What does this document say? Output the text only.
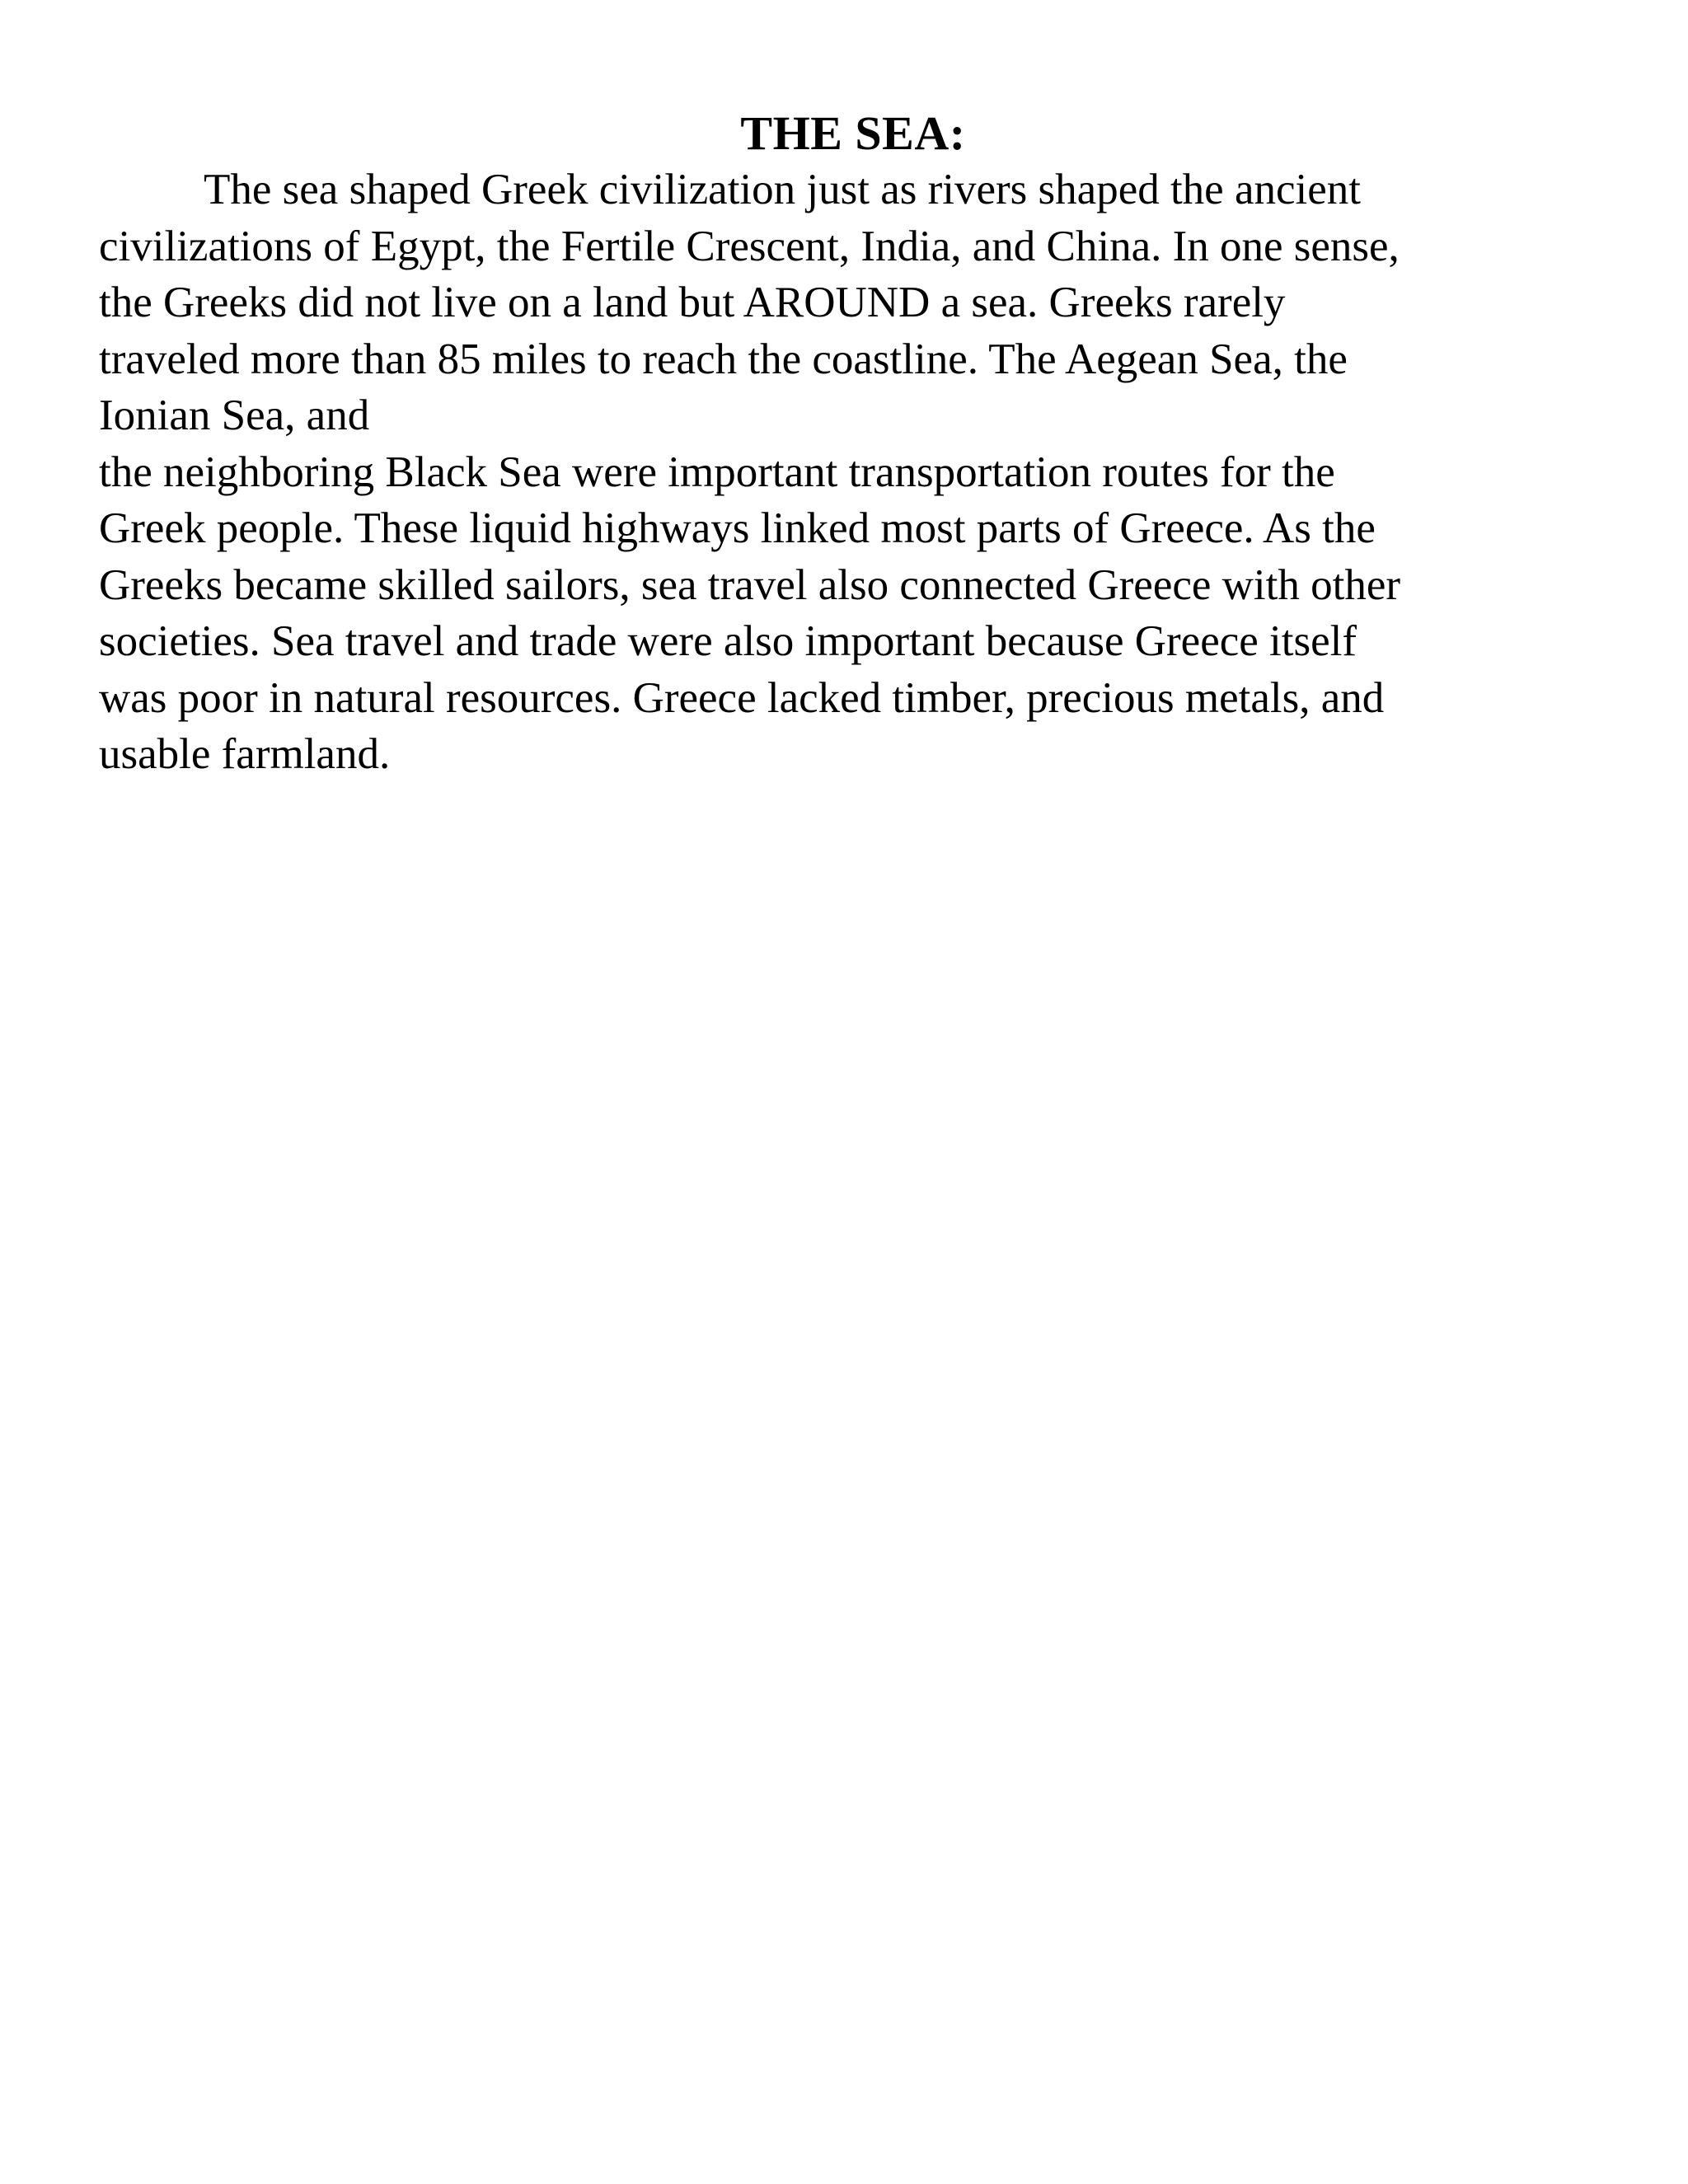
THE SEA:

The sea shaped Greek civilization just as rivers shaped the ancient
civilizations of Egypt, the Fertile Crescent, India, and China. In one sense,
the Greeks did not live on a land but AROUND a sea. Greeks rarely
traveled more than 85 miles to reach the coastline. The Aegean Sea, the
Ionian Sea, and

the neighboring Black Sea were important transportation routes for the
Greek people. These liquid highways linked most parts of Greece. As the
Greeks became skilled sailors, sea travel also connected Greece with other
societies. Sea travel and trade were also important because Greece itself
was poor in natural resources. Greece lacked timber, precious metals, and
usable farmland.
